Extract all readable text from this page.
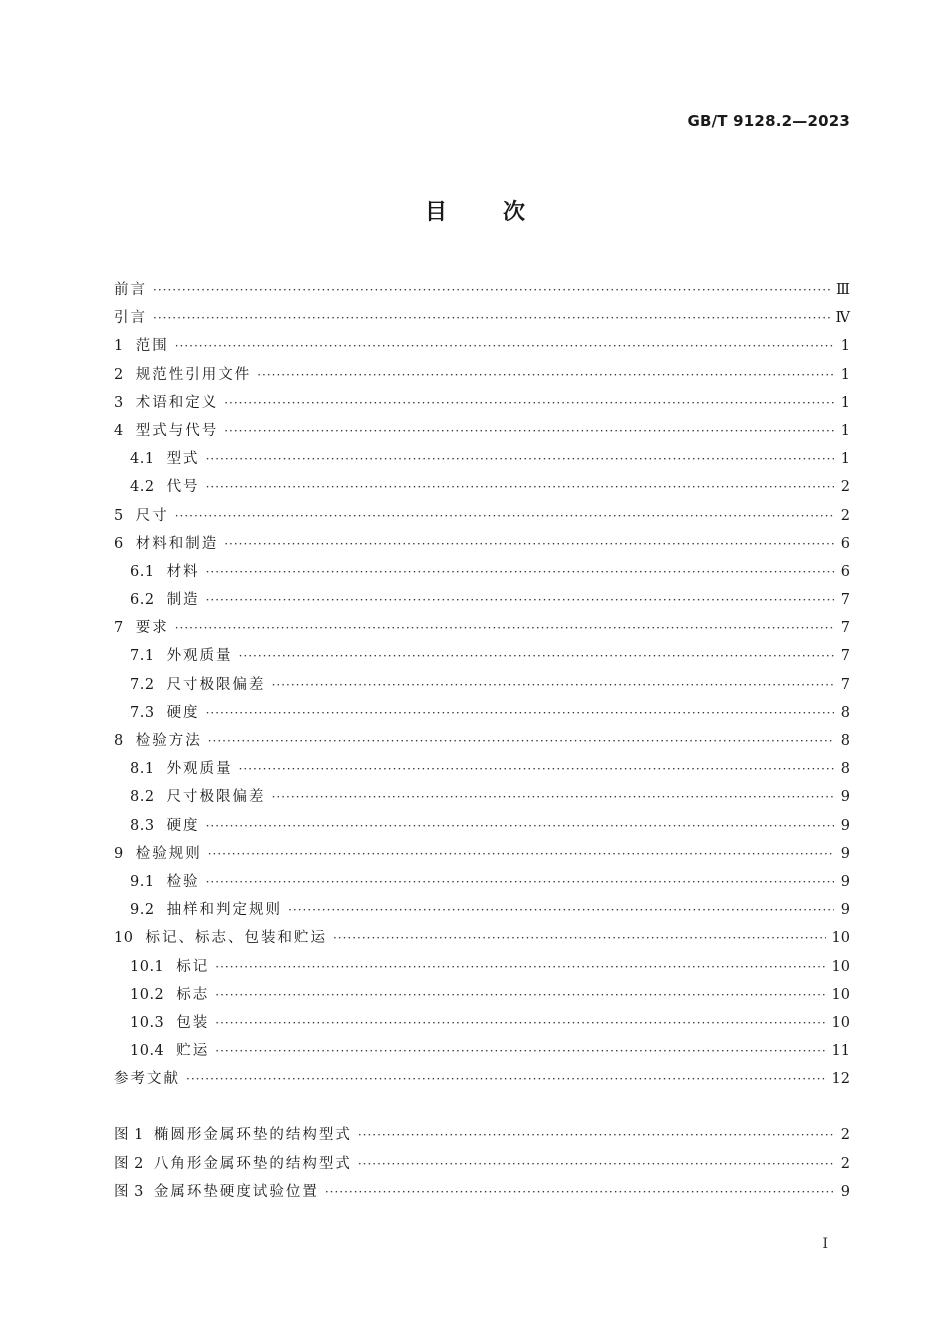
GB/T 9128.2—2023
目次
前言 ·····	Ⅲ
引言 ·····	Ⅳ
1 范围 ·····	1
2 规范性引用文件 ·····	1
3 术语和定义 ·····	1
4 型式与代号 ·····	1
4.1 型式 ·····	1
4.2 代号 ·····	2
5 尺寸 ·····	2
6 材料和制造 ·····	6
6.1 材料 ·····	6
6.2 制造 ·····	7
7 要求 ·····	7
7.1 外观质量 ·····	7
7.2 尺寸极限偏差 ·····	7
7.3 硬度 ·····	8
8 检验方法 ·····	8
8.1 外观质量 ·····	8
8.2 尺寸极限偏差 ·····	9
8.3 硬度 ·····	9
9 检验规则 ·····	9
9.1 检验 ·····	9
9.2 抽样和判定规则 ·····	9
10 标记、标志、包装和贮运 ·····	10
10.1 标记 ·····	10
10.2 标志 ·····	10
10.3 包装 ·····	10
10.4 贮运 ·····	11
参考文献 ·····	12
图 1 椭圆形金属环垫的结构型式 ·····	2
图 2 八角形金属环垫的结构型式 ·····	2
图 3 金属环垫硬度试验位置 ·····	9
I
